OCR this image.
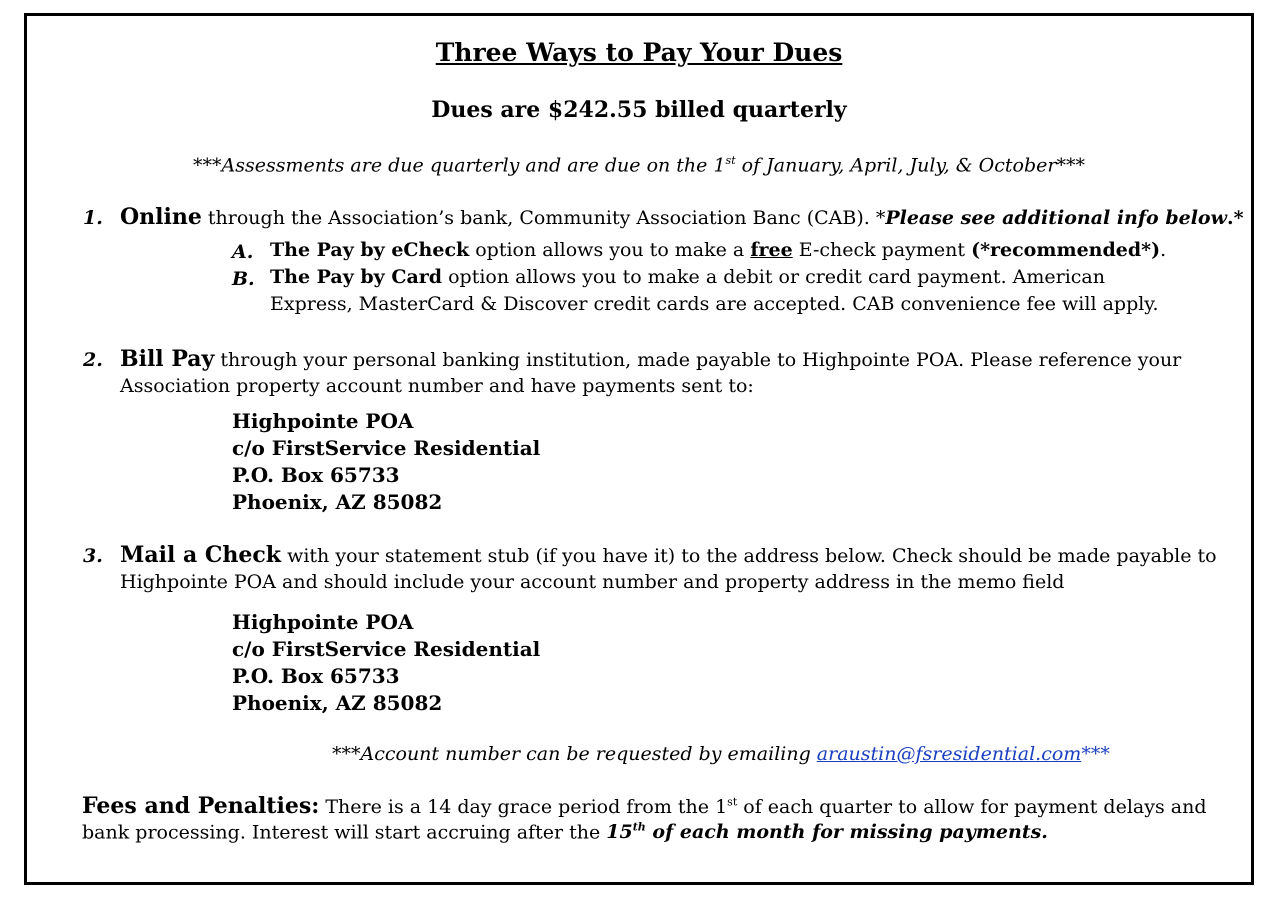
Three Ways to Pay Your Dues
Dues are $242.55 billed quarterly
***Assessments are due quarterly and are due on the 1st of January, April, July, & October***
1. Online through the Association’s bank, Community Association Banc (CAB). *Please see additional info below.*
A. The Pay by eCheck option allows you to make a free E-check payment (*recommended*).
B. The Pay by Card option allows you to make a debit or credit card payment. American
Express, MasterCard & Discover credit cards are accepted. CAB convenience fee will apply.
2. Bill Pay through your personal banking institution, made payable to Highpointe POA. Please reference your
Association property account number and have payments sent to:
Highpointe POA
c/o FirstService Residential
P.O. Box 65733
Phoenix, AZ 85082
3. Mail a Check with your statement stub (if you have it) to the address below. Check should be made payable to
Highpointe POA and should include your account number and property address in the memo field
Highpointe POA
c/o FirstService Residential
P.O. Box 65733
Phoenix, AZ 85082
***Account number can be requested by emailing araustin@fsresidential.com***
Fees and Penalties: There is a 14 day grace period from the 1st of each quarter to allow for payment delays and
bank processing. Interest will start accruing after the 15th of each month for missing payments.
